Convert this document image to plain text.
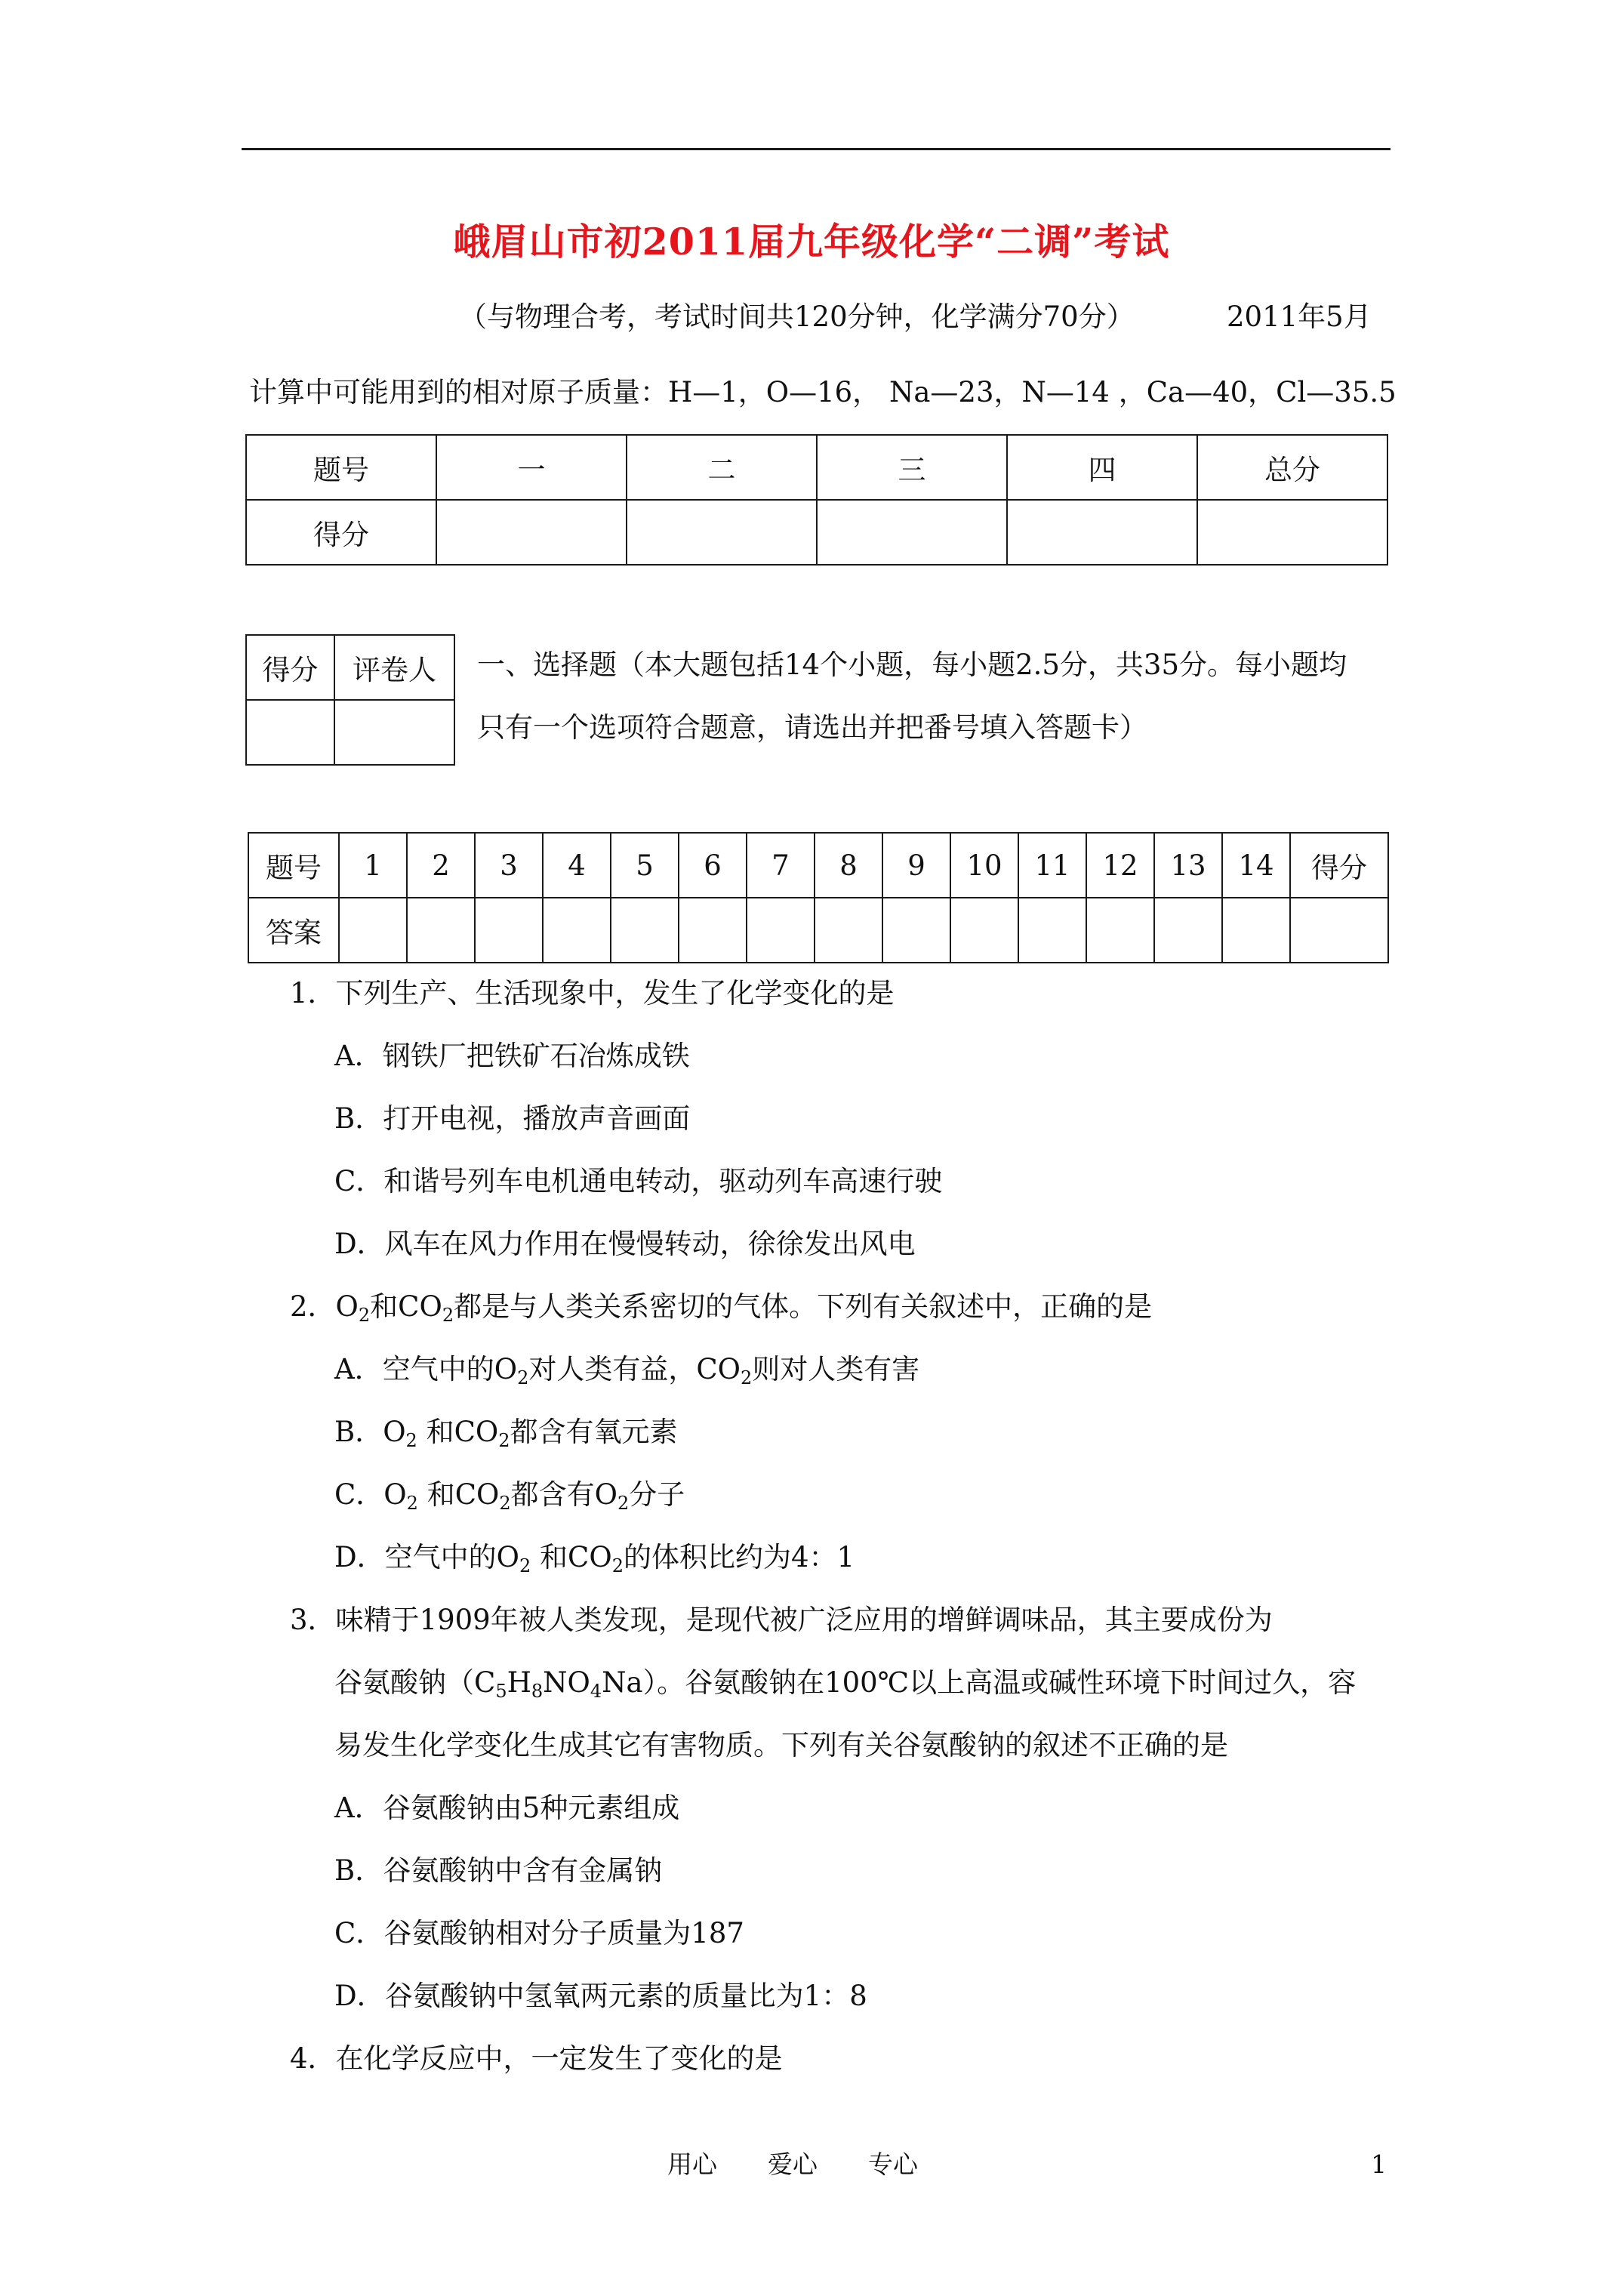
峨眉山市初2011届九年级化学“二调”考试
（与物理合考，考试时间共120分钟，化学满分70分）	2011年5月
计算中可能用到的相对原子质量：H—1，O—16， Na—23，N—14 ，Ca—40，Cl—35.5
题号	一	二	三	四	总分
得分					
得分	评卷人
	一、选择题（本大题包括14个小题，每小题2.5分，共35分。每小题均
只有一个选项符合题意，请选出并把番号填入答题卡）
题号	1	2	3	4	5	6	7	8	9	10	11	12	13	14	得分
答案															
1．下列生产、生活现象中，发生了化学变化的是
A．钢铁厂把铁矿石冶炼成铁
B．打开电视，播放声音画面
C．和谐号列车电机通电转动，驱动列车高速行驶
D．风车在风力作用在慢慢转动，徐徐发出风电
2．$O_2$和$CO_2$都是与人类关系密切的气体。下列有关叙述中，正确的是
A．空气中的$O_2$对人类有益，$CO_2$则对人类有害
B．$O_2$ 和$CO_2$都含有氧元素
C．$O_2$ 和$CO_2$都含有$O_2$分子
D．空气中的$O_2$ 和$CO_2$的体积比约为4：1
3．味精于1909年被人类发现，是现代被广泛应用的增鲜调味品，其主要成份为
谷氨酸钠$(C_5H_8NO_4Na)$。谷氨酸钠在100℃以上高温或碱性环境下时间过久，容
易发生化学变化生成其它有害物质。下列有关谷氨酸钠的叙述不正确的是
A．谷氨酸钠由5种元素组成
B．谷氨酸钠中含有金属钠
C．谷氨酸钠相对分子质量为187
D．谷氨酸钠中氢氧两元素的质量比为1：8
4．在化学反应中，一定发生了变化的是
用心 爱心 专心	1
